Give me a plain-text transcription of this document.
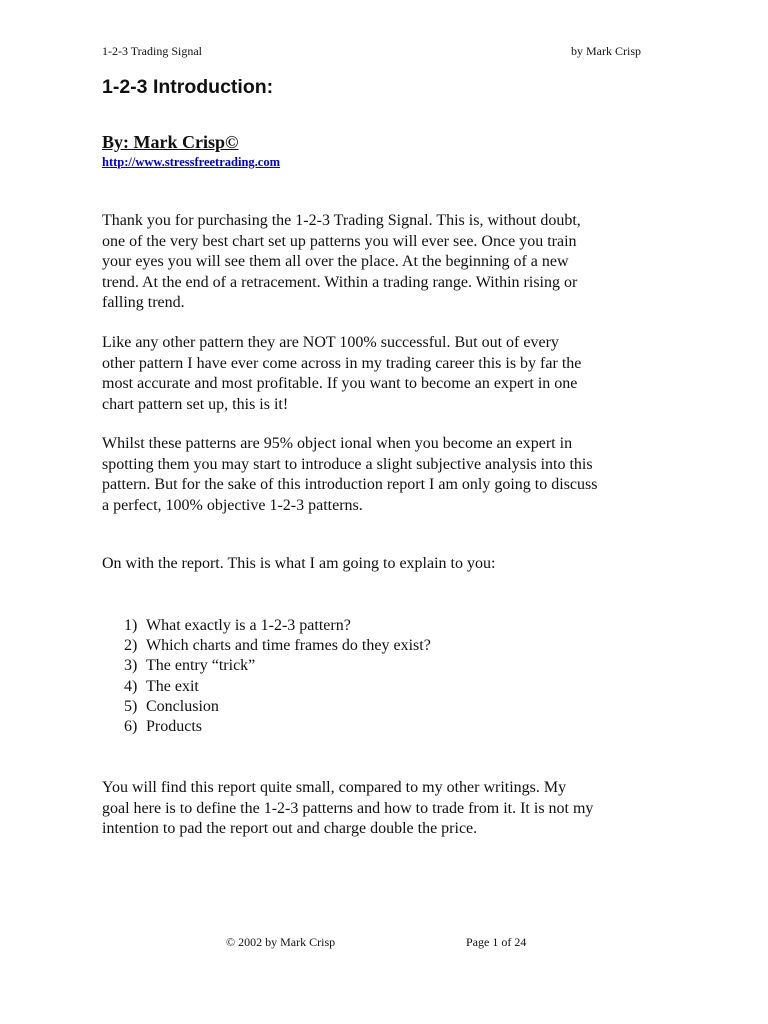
1-2-3 Trading Signal	by Mark Crisp
1-2-3 Introduction:
By: Mark Crisp©
http://www.stressfreetrading.com

Thank you for purchasing the 1-2-3 Trading Signal. This is, without doubt,
one of the very best chart set up patterns you will ever see. Once you train
your eyes you will see them all over the place. At the beginning of a new
trend. At the end of a retracement. Within a trading range. Within rising or
falling trend.

Like any other pattern they are NOT 100% successful. But out of every
other pattern I have ever come across in my trading career this is by far the
most accurate and most profitable. If you want to become an expert in one
chart pattern set up, this is it!

Whilst these patterns are 95% object ional when you become an expert in
spotting them you may start to introduce a slight subjective analysis into this
pattern. But for the sake of this introduction report I am only going to discuss
a perfect, 100% objective 1-2-3 patterns.

On with the report. This is what I am going to explain to you:

1) What exactly is a 1-2-3 pattern?
2) Which charts and time frames do they exist?
3) The entry “trick”
4) The exit
5) Conclusion
6) Products

You will find this report quite small, compared to my other writings. My
goal here is to define the 1-2-3 patterns and how to trade from it. It is not my
intention to pad the report out and charge double the price.

© 2002 by Mark Crisp	Page 1 of 24
